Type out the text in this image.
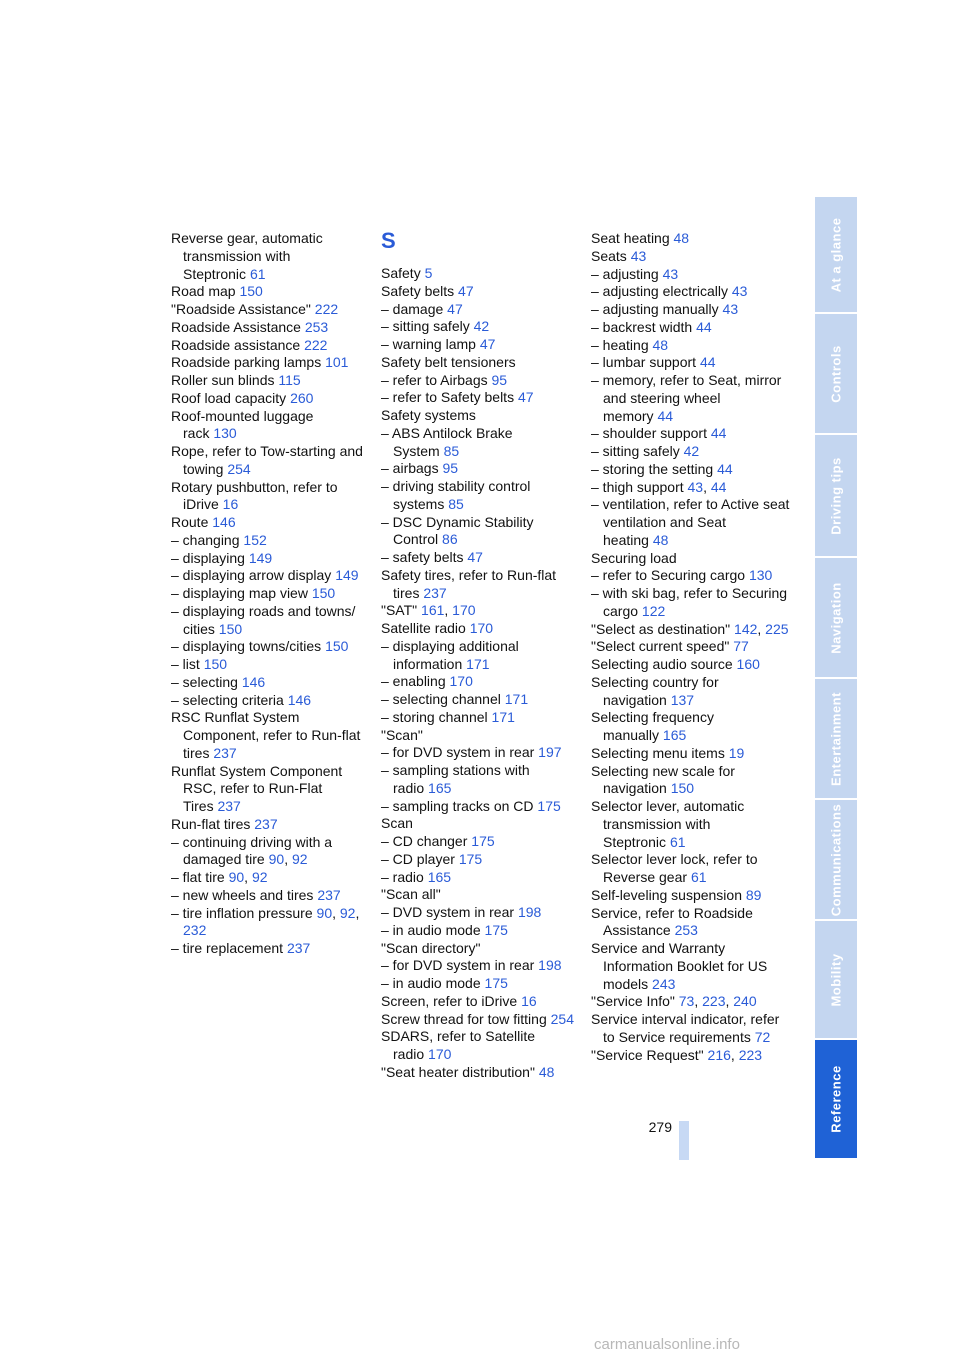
Reverse gear, automatic transmission with Steptronic 61
Road map 150
"Roadside Assistance" 222
Roadside Assistance 253
Roadside assistance 222
Roadside parking lamps 101
Roller sun blinds 115
Roof load capacity 260
Roof-mounted luggage rack 130
Rope, refer to Tow-starting and towing 254
Rotary pushbutton, refer to iDrive 16
Route 146
– changing 152
– displaying 149
– displaying arrow display 149
– displaying map view 150
– displaying roads and towns/ cities 150
– displaying towns/cities 150
– list 150
– selecting 146
– selecting criteria 146
RSC Runflat System Component, refer to Run-flat tires 237
Runflat System Component RSC, refer to Run-Flat Tires 237
Run-flat tires 237
– continuing driving with a damaged tire 90, 92
– flat tire 90, 92
– new wheels and tires 237
– tire inflation pressure 90, 92, 232
– tire replacement 237
S
Safety 5
Safety belts 47
– damage 47
– sitting safely 42
– warning lamp 47
Safety belt tensioners
– refer to Airbags 95
– refer to Safety belts 47
Safety systems
– ABS Antilock Brake System 85
– airbags 95
– driving stability control systems 85
– DSC Dynamic Stability Control 86
– safety belts 47
Safety tires, refer to Run-flat tires 237
"SAT" 161, 170
Satellite radio 170
– displaying additional information 171
– enabling 170
– selecting channel 171
– storing channel 171
"Scan"
– for DVD system in rear 197
– sampling stations with radio 165
– sampling tracks on CD 175
Scan
– CD changer 175
– CD player 175
– radio 165
"Scan all"
– DVD system in rear 198
– in audio mode 175
"Scan directory"
– for DVD system in rear 198
– in audio mode 175
Screen, refer to iDrive 16
Screw thread for tow fitting 254
SDARS, refer to Satellite radio 170
"Seat heater distribution" 48
Seat heating 48
Seats 43
– adjusting 43
– adjusting electrically 43
– adjusting manually 43
– backrest width 44
– heating 48
– lumbar support 44
– memory, refer to Seat, mirror and steering wheel memory 44
– shoulder support 44
– sitting safely 42
– storing the setting 44
– thigh support 43, 44
– ventilation, refer to Active seat ventilation and Seat heating 48
Securing load
– refer to Securing cargo 130
– with ski bag, refer to Securing cargo 122
"Select as destination" 142, 225
"Select current speed" 77
Selecting audio source 160
Selecting country for navigation 137
Selecting frequency manually 165
Selecting menu items 19
Selecting new scale for navigation 150
Selector lever, automatic transmission with Steptronic 61
Selector lever lock, refer to Reverse gear 61
Self-leveling suspension 89
Service, refer to Roadside Assistance 253
Service and Warranty Information Booklet for US models 243
"Service Info" 73, 223, 240
Service interval indicator, refer to Service requirements 72
"Service Request" 216, 223
279
At a glance
Controls
Driving tips
Navigation
Entertainment
Communications
Mobility
Reference
carmanualsonline.info
